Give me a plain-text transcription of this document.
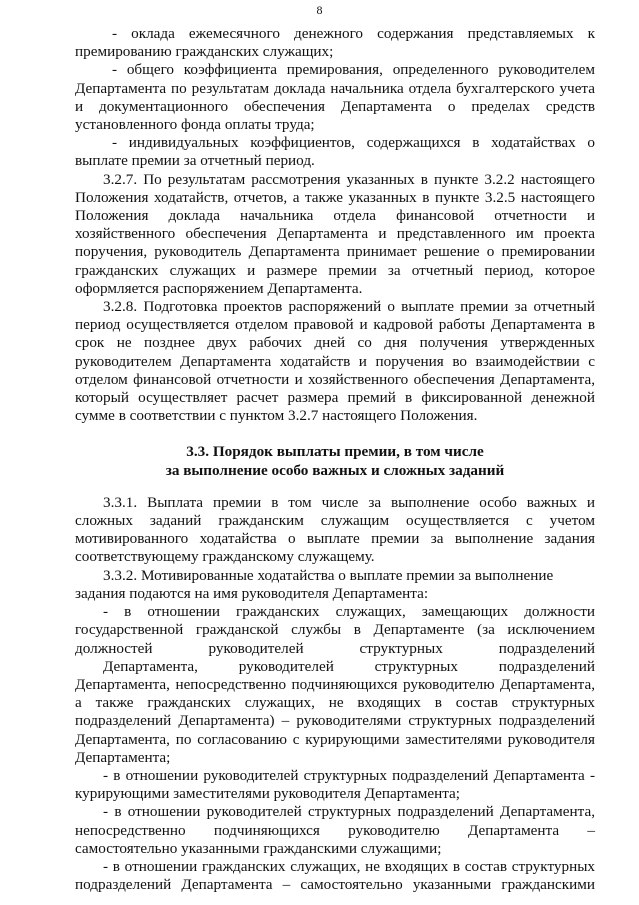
8

- оклада ежемесячного денежного содержания представляемых к

премированию гражданских служащих;

- общего коэффициента премирования, определенного руководителем

Департамента по результатам доклада начальника отдела бухгалтерского учета

и документационного обеспечения Департамента о пределах средств

установленного фонда оплаты труда;

- индивидуальных коэффициентов, содержащихся в ходатайствах о

выплате премии за отчетный период.

3.2.7. По результатам рассмотрения указанных в пункте 3.2.2 настоящего

Положения ходатайств, отчетов, а также указанных в пункте 3.2.5 настоящего

Положения доклада начальника отдела финансовой отчетности и

хозяйственного обеспечения Департамента и представленного им проекта

поручения, руководитель Департамента принимает решение о премировании

гражданских служащих и размере премии за отчетный период, которое

оформляется распоряжением Департамента.

3.2.8. Подготовка проектов распоряжений о выплате премии за отчетный

период осуществляется отделом правовой и кадровой работы Департамента в

срок не позднее двух рабочих дней со дня получения утвержденных

руководителем Департамента ходатайств и поручения во взаимодействии с

отделом финансовой отчетности и хозяйственного обеспечения Департамента,

который осуществляет расчет размера премий в фиксированной денежной

сумме в соответствии с пунктом 3.2.7 настоящего Положения.

3.3. Порядок выплаты премии, в том числе

за выполнение особо важных и сложных заданий

3.3.1. Выплата премии в том числе за выполнение особо важных и

сложных заданий гражданским служащим осуществляется с учетом

мотивированного ходатайства о выплате премии за выполнение задания

соответствующему гражданскому служащему.

3.3.2. Мотивированные ходатайства о выплате премии за выполнение

задания подаются на имя руководителя Департамента:

- в отношении гражданских служащих, замещающих должности

государственной гражданской службы в Департаменте (за исключением

должностей руководителей структурных подразделений

Департамента, руководителей структурных подразделений

Департамента, непосредственно подчиняющихся руководителю Департамента,

а также гражданских служащих, не входящих в состав структурных

подразделений Департамента) – руководителями структурных подразделений

Департамента, по согласованию с курирующими заместителями руководителя

Департамента;

- в отношении руководителей структурных подразделений Департамента -

курирующими заместителями руководителя Департамента;

- в отношении руководителей структурных подразделений Департамента,

непосредственно подчиняющихся руководителю Департамента –

самостоятельно указанными гражданскими служащими;

- в отношении гражданских служащих, не входящих в состав структурных

подразделений Департамента – самостоятельно указанными гражданскими
